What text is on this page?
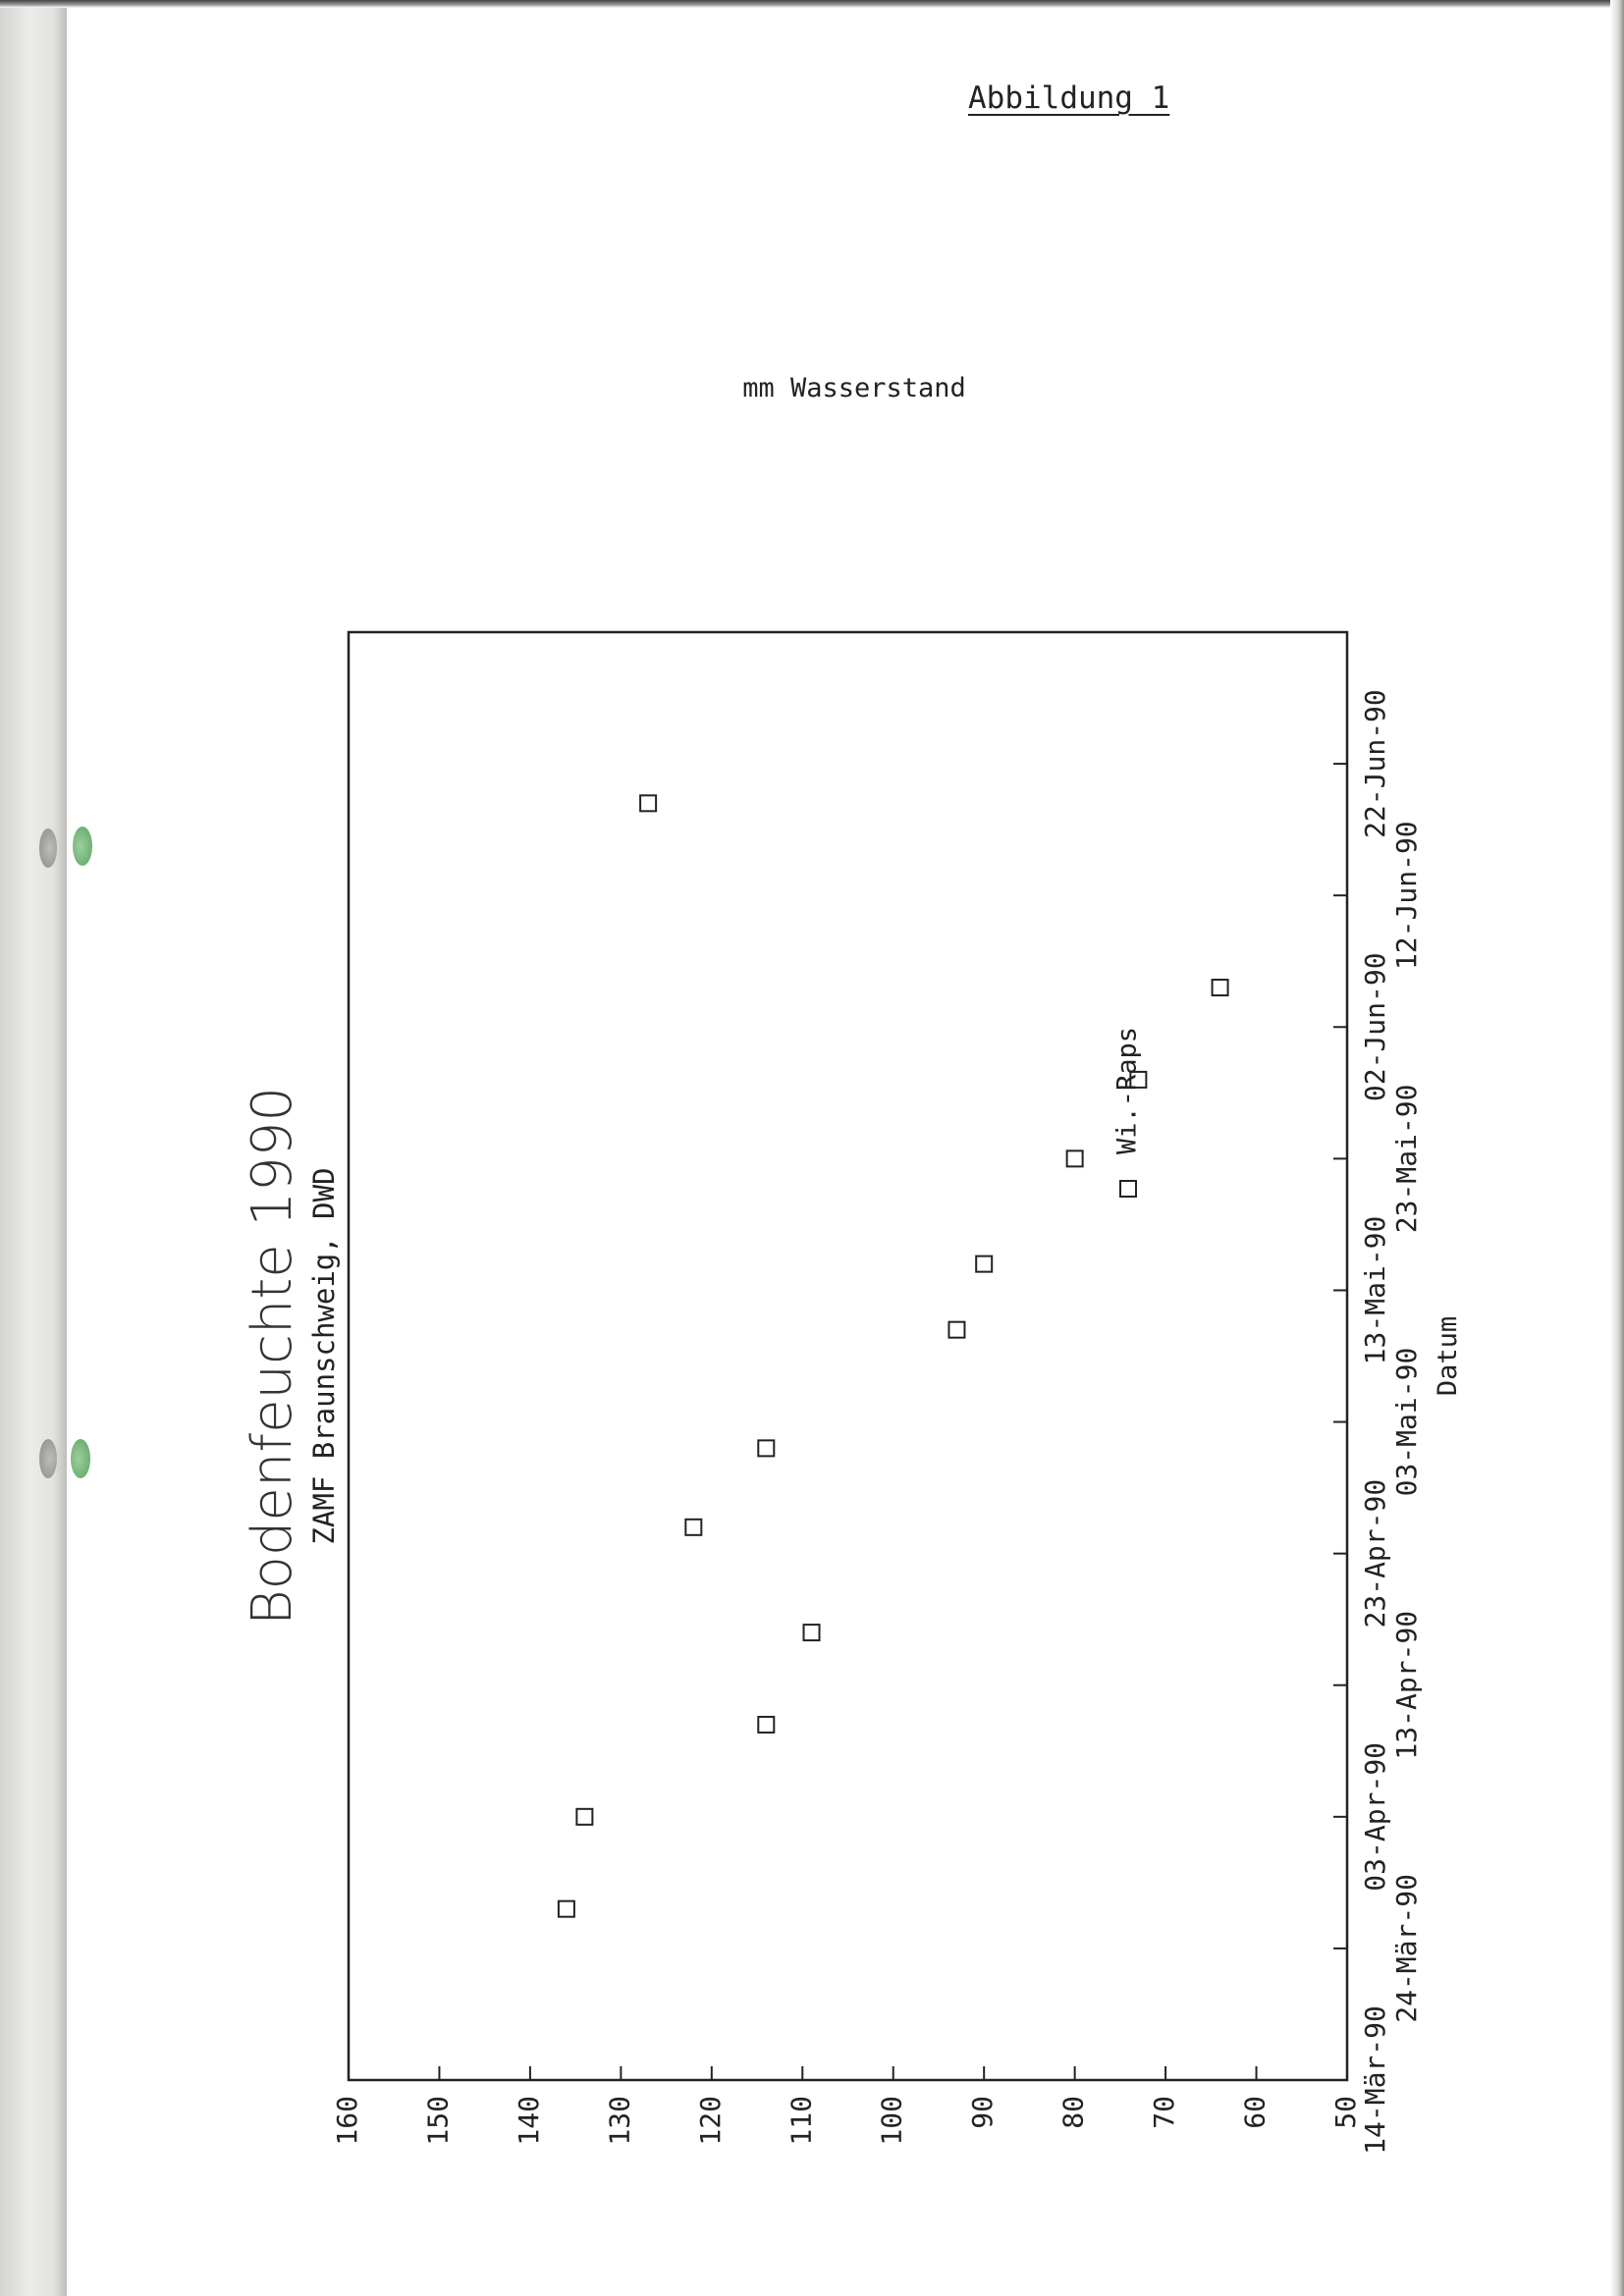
Abbildung 1
50
60
70
80
90
100
110
120
130
140
150
160	14-Mär-90
24-Mär-90
03-Apr-90
13-Apr-90
23-Apr-90
03-Mai-90
13-Mai-90
23-Mai-90
02-Jun-90
12-Jun-90
22-Jun-90
Bodenfeuchte 1990 ZAMF Braunschweig, DWD
mm Wasserstand
Datum
Wi.-Raps
